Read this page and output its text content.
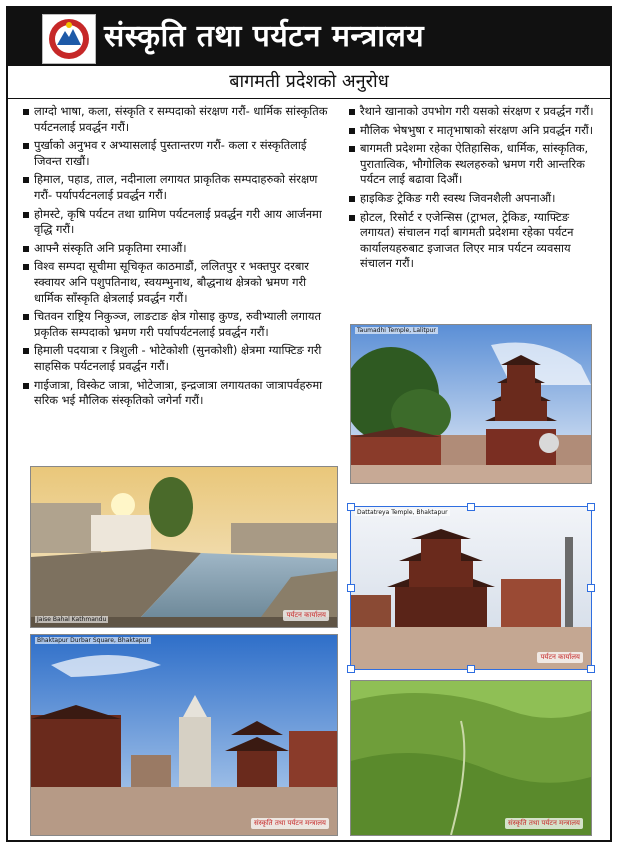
संस्कृति तथा पर्यटन मन्त्रालय
बागमती प्रदेशको अनुरोध
लाग्दो भाषा, कला, संस्कृति र सम्पदाको संरक्षण गरौं- धार्मिक सांस्कृतिक पर्यटनलाई प्रवर्द्धन गरौं।
पुर्खाको अनुभव र अभ्यासलाई पुस्तान्तरण गरौं- कला र संस्कृतिलाई जिवन्त राखौं।
हिमाल, पहाड, ताल, नदीनाला लगायत प्राकृतिक सम्पदाहरुको संरक्षण गरौं- पर्यापर्यटनलाई प्रवर्द्धन गरौं।
होमस्टे, कृषि पर्यटन तथा ग्रामिण पर्यटनलाई प्रवर्द्धन गरी आय आर्जनमा वृद्धि गरौं।
आफ्नै संस्कृति अनि प्रकृतिमा रमाऔं।
विश्व सम्पदा सूचीमा सूचिकृत काठमाडौं, ललितपुर र भक्तपुर दरबार स्क्वायर अनि पशुपतिनाथ, स्वयम्भुनाथ, बौद्धनाथ क्षेत्रको भ्रमण गरी धार्मिक साँस्कृति क्षेत्रलाई प्रवर्द्धन गरौं।
चितवन राष्ट्रिय निकुञ्ज, लाङटाङ क्षेत्र गोसाइ कुण्ड, रुवीभ्याली लगायत प्रकृतिक सम्पदाको भ्रमण गरी पर्यापर्यटनलाई प्रवर्द्धन गरौं।
हिमाली पदयात्रा र त्रिशुली - भोटेकोशी (सुनकोशी) क्षेत्रमा ग्याफ्टिङ गरी साहसिक पर्यटनलाई प्रवर्द्धन गरौं।
गाईजात्रा, विस्केट जात्रा, भोटेजात्रा, इन्द्रजात्रा लगायतका जात्रापर्वहरुमा सरिक भई मौलिक संस्कृतिको जगेर्ना गरौं।
रैथाने खानाको उपभोग गरी यसको संरक्षण र प्रवर्द्धन गरौं।
मौलिक भेषभुषा र मातृभाषाको संरक्षण अनि प्रवर्द्धन गरौं।
बागमती प्रदेशमा रहेका ऐतिहासिक, धार्मिक, सांस्कृतिक, पुरातात्विक, भौगोलिक स्थलहरुको भ्रमण गरी आन्तरिक पर्यटन लाई बढावा दिऔं।
हाइकिङ ट्रेकिङ गरी स्वस्थ जिवनशैली अपनाऔं।
होटल, रिसोर्ट र एजेन्सिस (ट्राभल, ट्रेकिङ, ग्याफ्टिङ लगायत) संचालन गर्दा बागमती प्रदेशमा रहेका पर्यटन कार्यालयहरुबाट इजाजत लिएर मात्र पर्यटन व्यवसाय संचालन गरौं।
Taumadhi Temple, Lalitpur
Jaise Bahal Kathmandu
पर्यटन कार्यालय
Dattatreya Temple, Bhaktapur
पर्यटन कार्यालय
Bhaktapur Durbar Square, Bhaktapur
संस्कृति तथा पर्यटन मन्त्रालय	संस्कृति तथा पर्यटन मन्त्रालय
